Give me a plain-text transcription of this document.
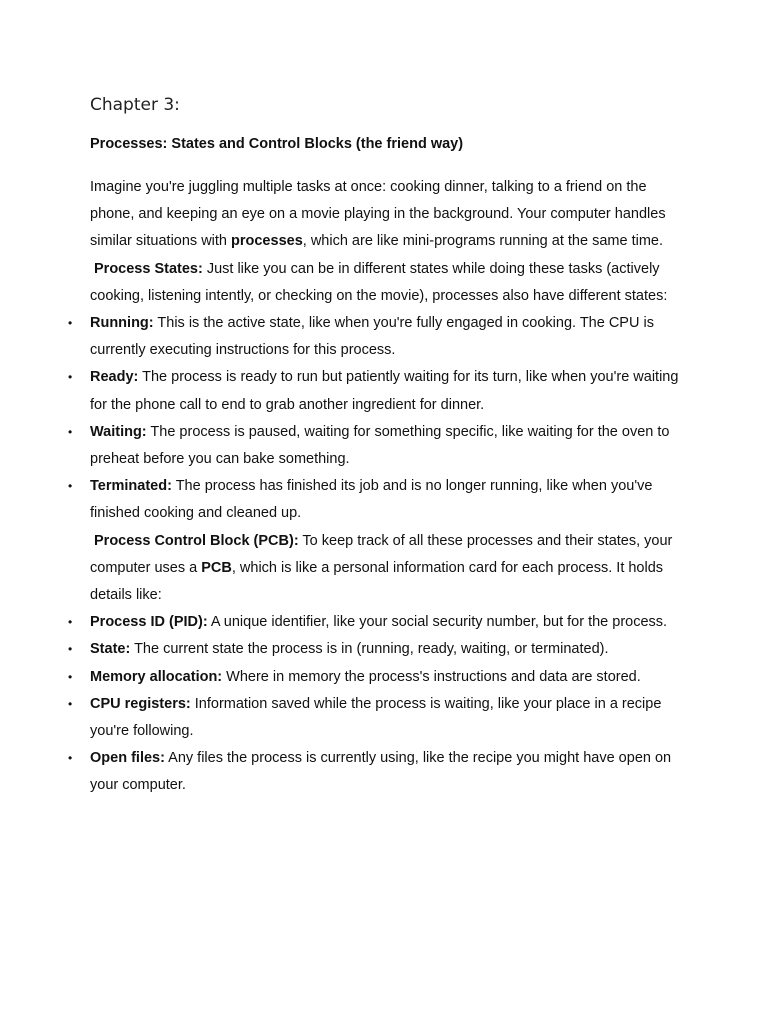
Chapter 3:
Processes: States and Control Blocks (the friend way)

Imagine you're juggling multiple tasks at once: cooking dinner, talking to a friend on the phone, and keeping an eye on a movie playing in the background. Your computer handles similar situations with processes, which are like mini-programs running at the same time.

Process States: Just like you can be in different states while doing these tasks (actively cooking, listening intently, or checking on the movie), processes also have different states:

• Running: This is the active state, like when you're fully engaged in cooking. The CPU is currently executing instructions for this process.
• Ready: The process is ready to run but patiently waiting for its turn, like when you're waiting for the phone call to end to grab another ingredient for dinner.
• Waiting: The process is paused, waiting for something specific, like waiting for the oven to preheat before you can bake something.
• Terminated: The process has finished its job and is no longer running, like when you've finished cooking and cleaned up.

Process Control Block (PCB): To keep track of all these processes and their states, your computer uses a PCB, which is like a personal information card for each process. It holds details like:

• Process ID (PID): A unique identifier, like your social security number, but for the process.
• State: The current state the process is in (running, ready, waiting, or terminated).
• Memory allocation: Where in memory the process's instructions and data are stored.
• CPU registers: Information saved while the process is waiting, like your place in a recipe you're following.
• Open files: Any files the process is currently using, like the recipe you might have open on your computer.
